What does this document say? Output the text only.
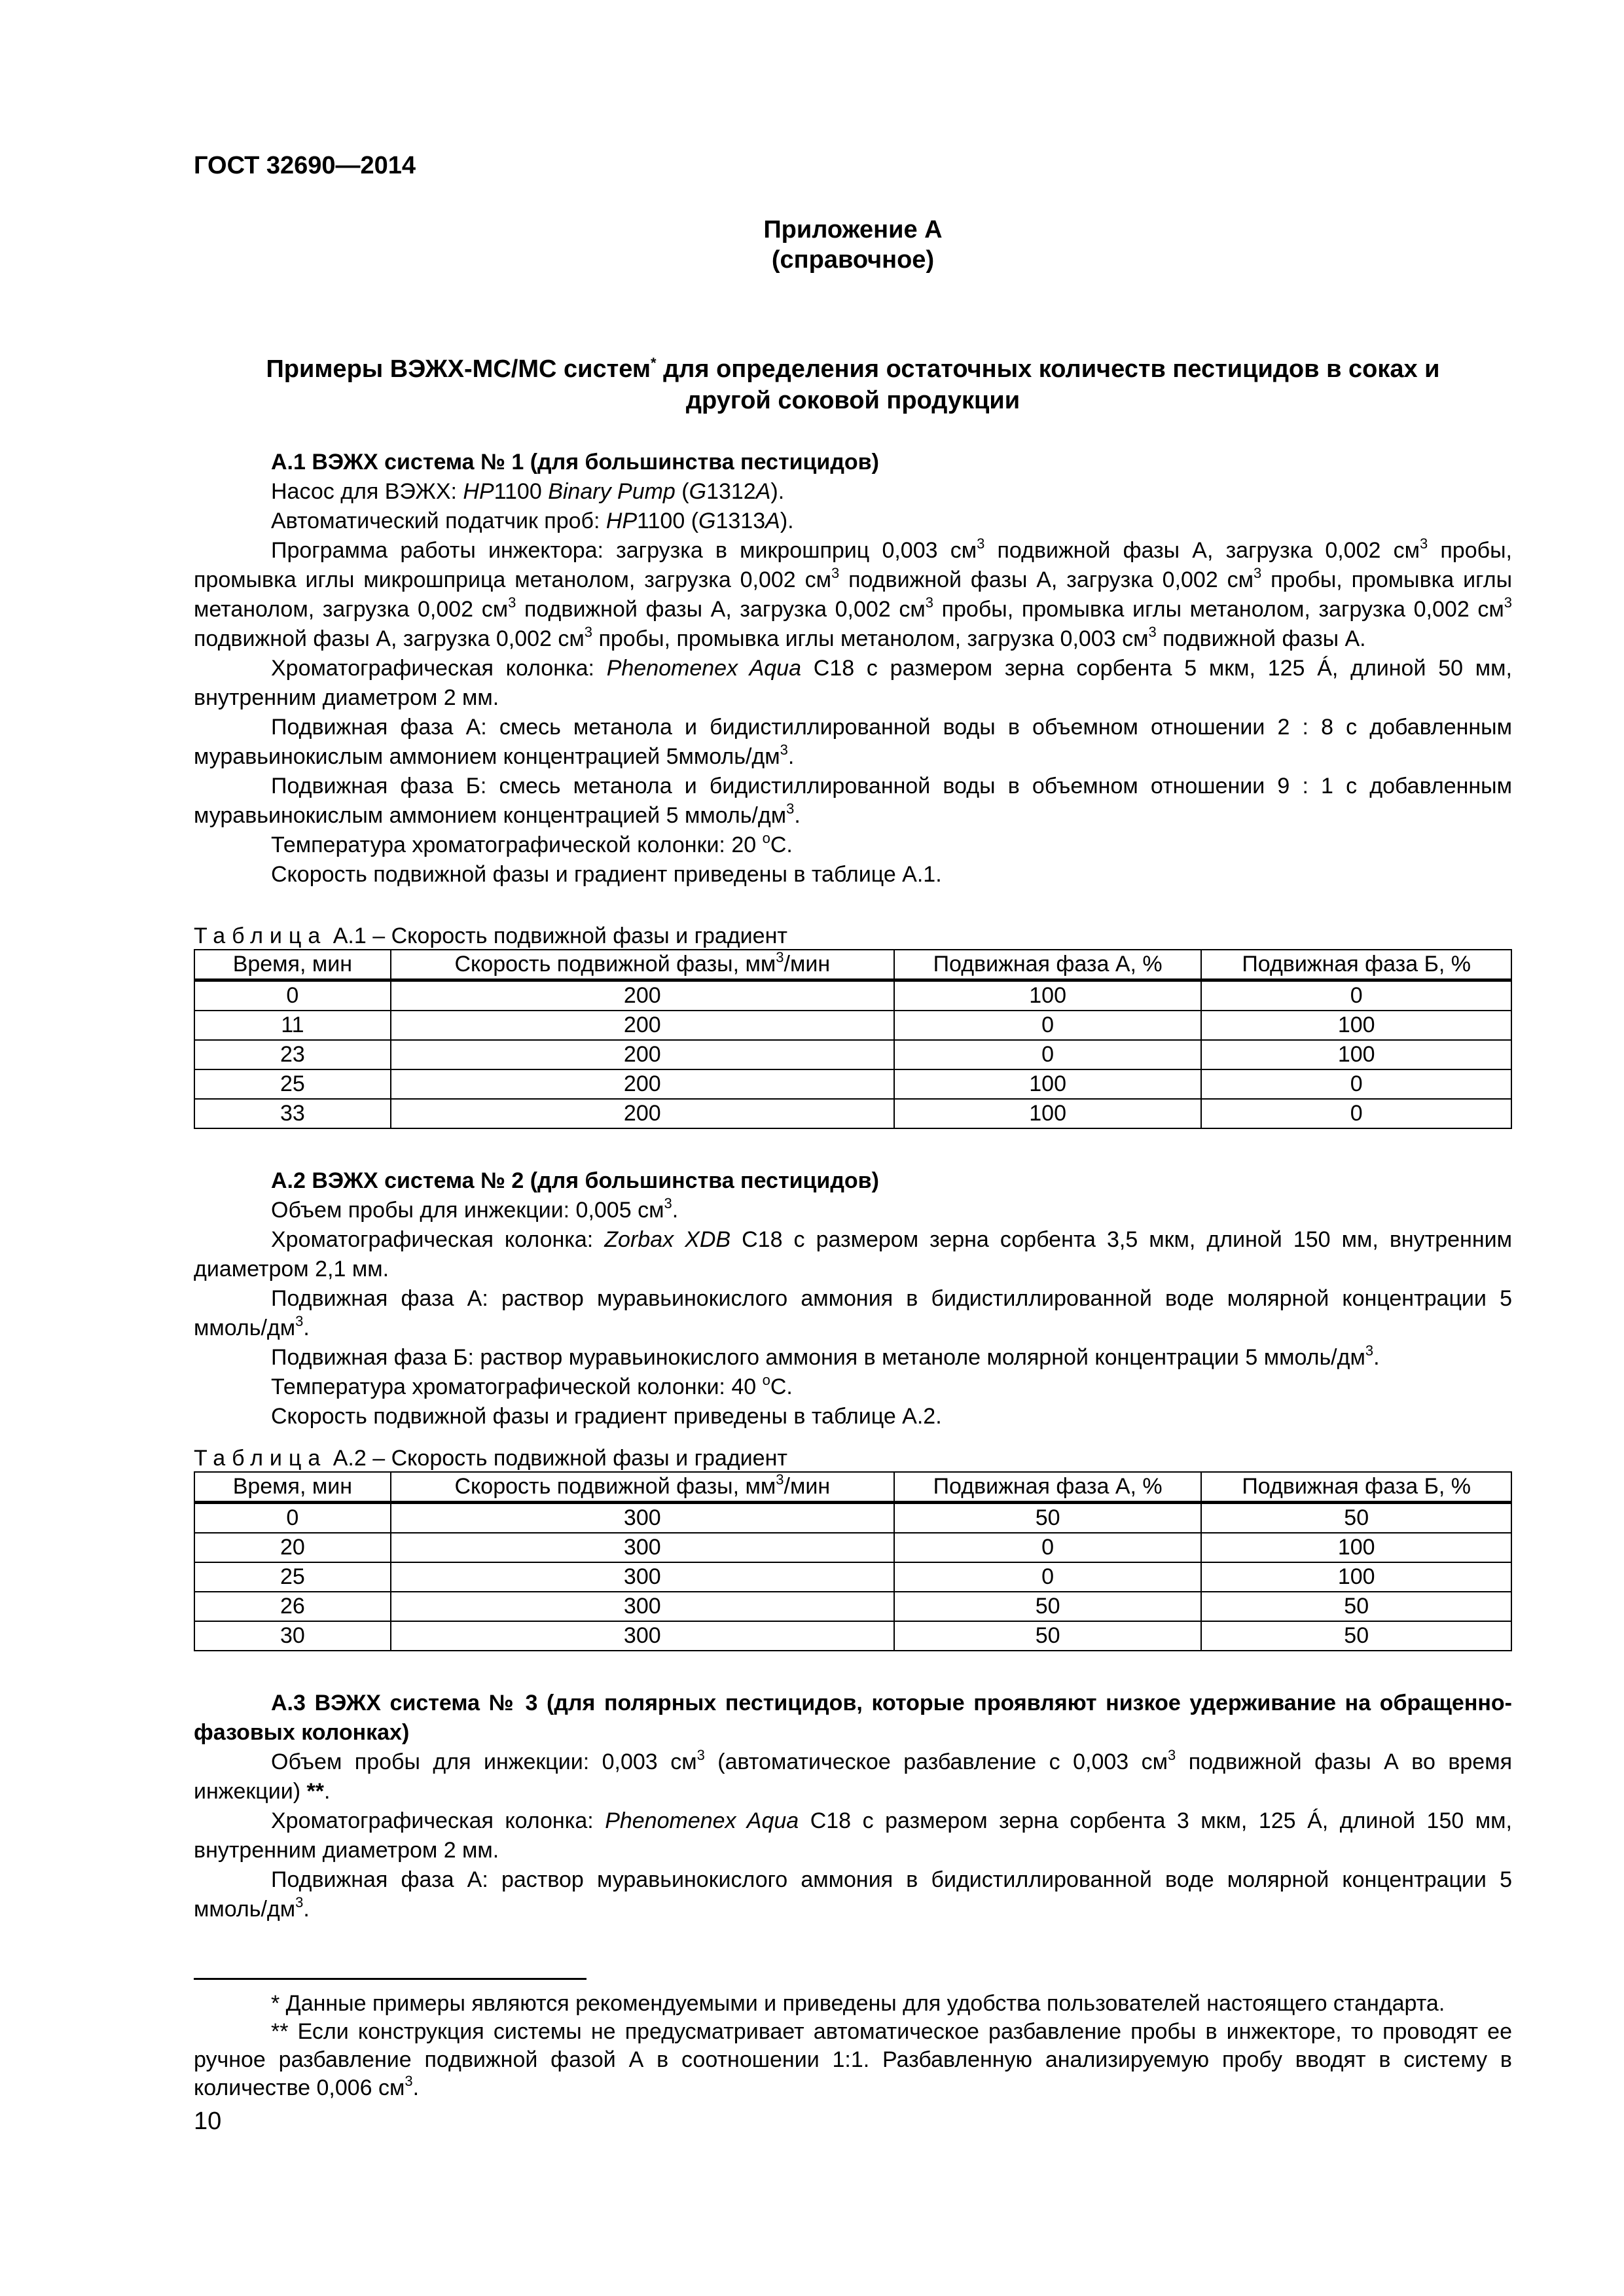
ГОСТ 32690—2014
Приложение А
(справочное)
Примеры ВЭЖХ-МС/МС систем* для определения остаточных количеств пестицидов в соках и
другой соковой продукции

А.1 ВЭЖХ система № 1 (для большинства пестицидов)

Насос для ВЭЖХ: HP1100 Binary Pump (G1312A).

Автоматический податчик проб: HP1100 (G1313A).

Программа работы инжектора: загрузка в микрошприц 0,003 $см^3$ подвижной фазы А, загрузка 0,002 $см^3$ пробы, промывка иглы микрошприца метанолом, загрузка 0,002 $см^3$ подвижной фазы А, загрузка 0,002 $см^3$ пробы, промывка иглы метанолом, загрузка 0,002 $см^3$ подвижной фазы А, загрузка 0,002 $см^3$ пробы, промывка иглы метанолом, загрузка 0,002 $см^3$ подвижной фазы А, загрузка 0,002 $см^3$ пробы, промывка иглы метанолом, загрузка 0,003 $см^3$ подвижной фазы А.

Хроматографическая колонка: Phenomenex Aqua C18 с размером зерна сорбента 5 мкм, 125 Á, длиной 50 мм, внутренним диаметром 2 мм.

Подвижная фаза А: смесь метанола и бидистиллированной воды в объемном отношении 2 : 8 с добавленным муравьинокислым аммонием концентрацией $5ммоль/дм^3$.

Подвижная фаза Б: смесь метанола и бидистиллированной воды в объемном отношении 9 : 1 с добавленным муравьинокислым аммонием концентрацией 5 ммоль/$дм^3$.

Температура хроматографической колонки: 20 $^о$С.

Скорость подвижной фазы и градиент приведены в таблице А.1.

Таблица А.1 – Скорость подвижной фазы и градиент
Время, мин	Скорость подвижной фазы, $мм^3$/мин	Подвижная фаза А, %	Подвижная фаза Б, %
0	200	100	0
11	200	0	100
23	200	0	100
25	200	100	0
33	200	100	0

А.2 ВЭЖХ система № 2 (для большинства пестицидов)

Объем пробы для инжекции: 0,005 $см^3$.

Хроматографическая колонка: Zorbax XDB C18 с размером зерна сорбента 3,5 мкм, длиной 150 мм, внутренним диаметром 2,1 мм.

Подвижная фаза А: раствор муравьинокислого аммония в бидистиллированной воде молярной концентрации 5 ммоль/$дм^3$.

Подвижная фаза Б: раствор муравьинокислого аммония в метаноле молярной концентрации 5 ммоль/$дм^3$.

Температура хроматографической колонки: 40 $^о$С.

Скорость подвижной фазы и градиент приведены в таблице А.2.

Таблица А.2 – Скорость подвижной фазы и градиент
Время, мин	Скорость подвижной фазы, $мм^3$/мин	Подвижная фаза А, %	Подвижная фаза Б, %
0	300	50	50
20	300	0	100
25	300	0	100
26	300	50	50
30	300	50	50

А.3 ВЭЖХ система № 3 (для полярных пестицидов, которые проявляют низкое удерживание на обращенно-фазовых колонках)

Объем пробы для инжекции: 0,003 $см^3$ (автоматическое разбавление с 0,003 $см^3$ подвижной фазы А во время инжекции) **.

Хроматографическая колонка: Phenomenex Aqua C18 с размером зерна сорбента 3 мкм, 125 Á, длиной 150 мм, внутренним диаметром 2 мм.

Подвижная фаза А: раствор муравьинокислого аммония в бидистиллированной воде молярной концентрации 5 ммоль/$дм^3$.

* Данные примеры являются рекомендуемыми и приведены для удобства пользователей настоящего стандарта.

** Если конструкция системы не предусматривает автоматическое разбавление пробы в инжекторе, то проводят ее ручное разбавление подвижной фазой А в соотношении 1:1. Разбавленную анализируемую пробу вводят в систему в количестве 0,006 $см^3$.

10
